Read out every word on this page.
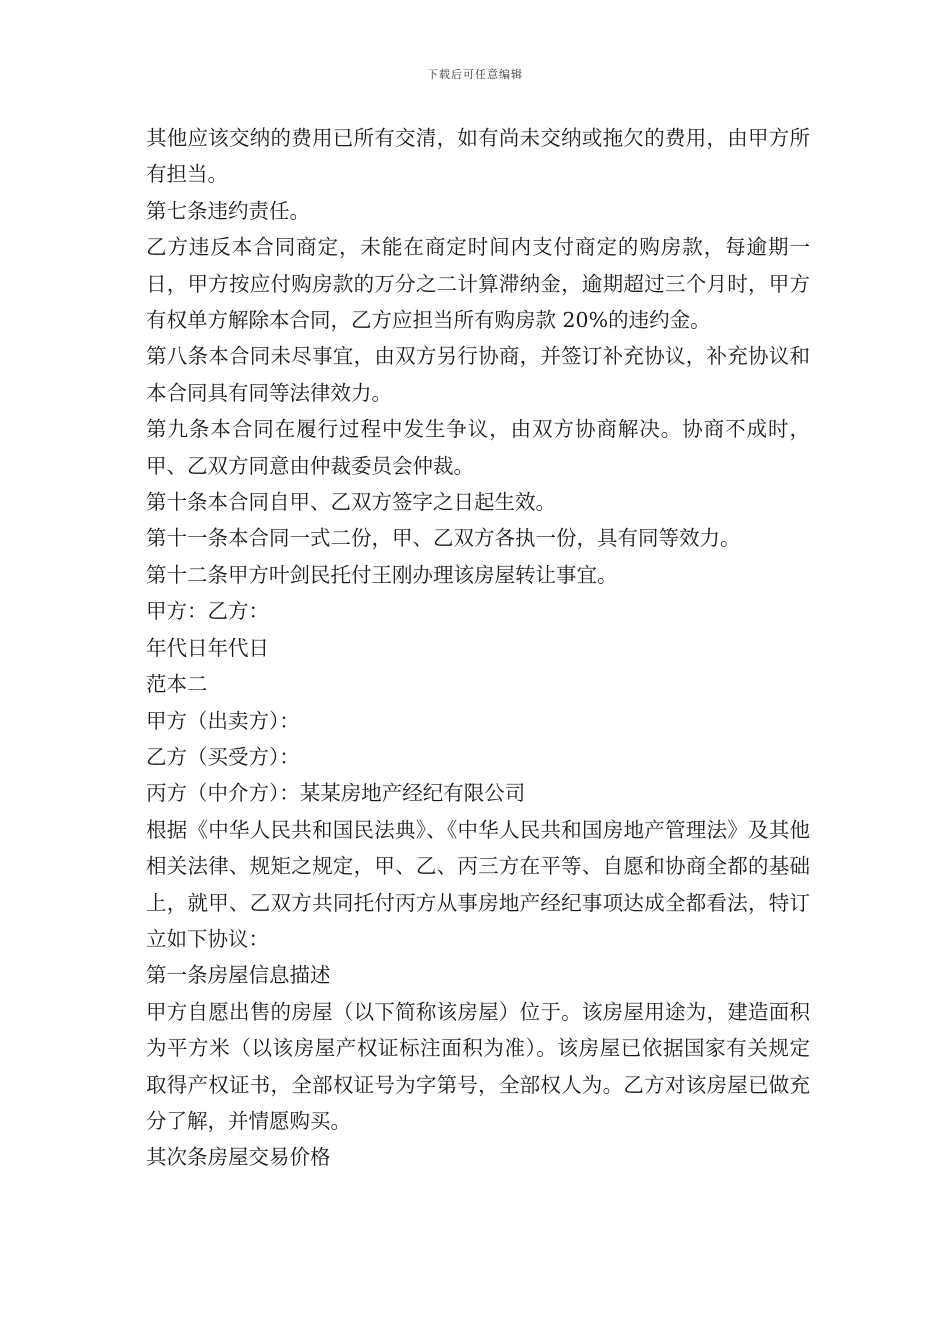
下载后可任意编辑

其他应该交纳的费用已所有交清，如有尚未交纳或拖欠的费用，由甲方所有担当。

第七条违约责任。

乙方违反本合同商定，未能在商定时间内支付商定的购房款，每逾期一日，甲方按应付购房款的万分之二计算滞纳金，逾期超过三个月时，甲方有权单方解除本合同，乙方应担当所有购房款 20%的违约金。

第八条本合同未尽事宜，由双方另行协商，并签订补充协议，补充协议和本合同具有同等法律效力。

第九条本合同在履行过程中发生争议，由双方协商解决。协商不成时，甲、乙双方同意由仲裁委员会仲裁。

第十条本合同自甲、乙双方签字之日起生效。

第十一条本合同一式二份，甲、乙双方各执一份，具有同等效力。

第十二条甲方叶剑民托付王刚办理该房屋转让事宜。

甲方：乙方：

年代日年代日

范本二

甲方（出卖方）：

乙方（买受方）：

丙方（中介方）：某某房地产经纪有限公司

根据《中华人民共和国民法典》、《中华人民共和国房地产管理法》及其他相关法律、规矩之规定，甲、乙、丙三方在平等、自愿和协商全都的基础上，就甲、乙双方共同托付丙方从事房地产经纪事项达成全都看法，特订立如下协议：

第一条房屋信息描述

甲方自愿出售的房屋（以下简称该房屋）位于。该房屋用途为，建造面积为平方米（以该房屋产权证标注面积为准）。该房屋已依据国家有关规定取得产权证书，全部权证号为字第号，全部权人为。乙方对该房屋已做充分了解，并情愿购买。

其次条房屋交易价格
